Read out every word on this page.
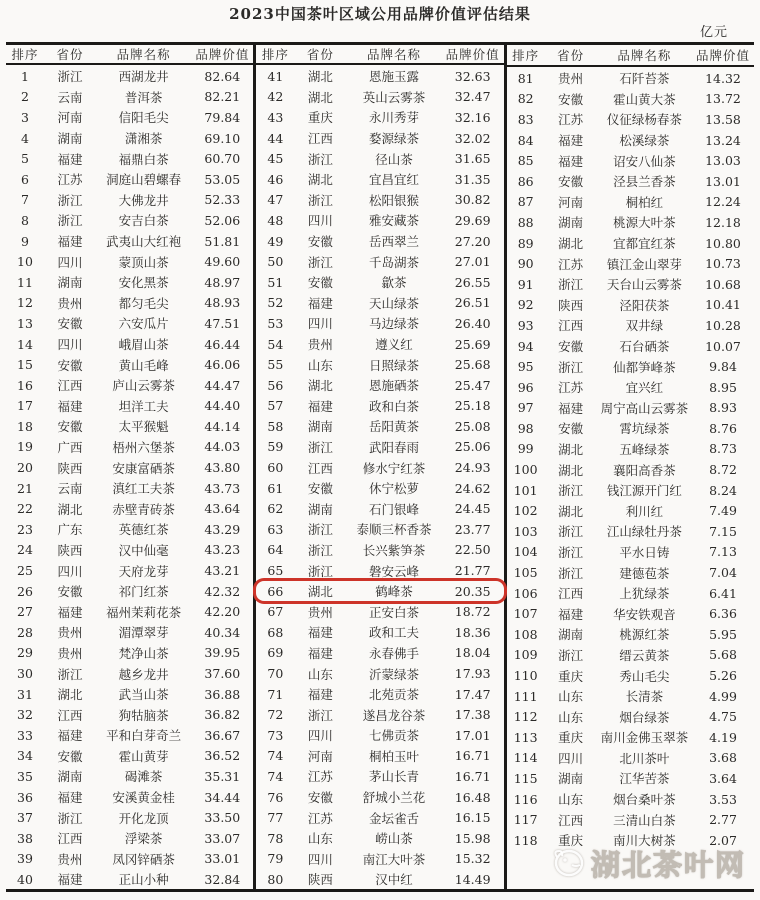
2023中国茶叶区域公用品牌价值评估结果
亿元
排序	省份	品牌名称	品牌价值
1	浙江	西湖龙井	82.64
2	云南	普洱茶	82.21
3	河南	信阳毛尖	79.84
4	湖南	潇湘茶	69.10
5	福建	福鼎白茶	60.70
6	江苏	洞庭山碧螺春	53.05
7	浙江	大佛龙井	52.33
8	浙江	安吉白茶	52.06
9	福建	武夷山大红袍	51.81
10	四川	蒙顶山茶	49.60
11	湖南	安化黑茶	48.97
12	贵州	都匀毛尖	48.93
13	安徽	六安瓜片	47.51
14	四川	峨眉山茶	46.44
15	安徽	黄山毛峰	46.06
16	江西	庐山云雾茶	44.47
17	福建	坦洋工夫	44.40
18	安徽	太平猴魁	44.14
19	广西	梧州六堡茶	44.03
20	陕西	安康富硒茶	43.80
21	云南	滇红工夫茶	43.73
22	湖北	赤壁青砖茶	43.64
23	广东	英德红茶	43.29
24	陕西	汉中仙毫	43.23
25	四川	天府龙芽	43.21
26	安徽	祁门红茶	42.32
27	福建	福州茉莉花茶	42.20
28	贵州	湄潭翠芽	40.34
29	贵州	梵净山茶	39.95
30	浙江	越乡龙井	37.60
31	湖北	武当山茶	36.88
32	江西	狗牯脑茶	36.82
33	福建	平和白芽奇兰	36.67
34	安徽	霍山黄芽	36.52
35	湖南	碣滩茶	35.31
36	福建	安溪黄金桂	34.44
37	浙江	开化龙顶	33.50
38	江西	浮梁茶	33.07
39	贵州	凤冈锌硒茶	33.01
40	福建	正山小种	32.84
排序	省份	品牌名称	品牌价值
41	湖北	恩施玉露	32.63
42	湖北	英山云雾茶	32.47
43	重庆	永川秀芽	32.16
44	江西	婺源绿茶	32.02
45	浙江	径山茶	31.65
46	湖北	宜昌宜红	31.35
47	浙江	松阳银猴	30.82
48	四川	雅安藏茶	29.69
49	安徽	岳西翠兰	27.20
50	浙江	千岛湖茶	27.01
51	安徽	歙茶	26.55
52	福建	天山绿茶	26.51
53	四川	马边绿茶	26.40
54	贵州	遵义红	25.69
55	山东	日照绿茶	25.68
56	湖北	恩施硒茶	25.47
57	福建	政和白茶	25.18
58	湖南	岳阳黄茶	25.08
59	浙江	武阳春雨	25.06
60	江西	修水宁红茶	24.93
61	安徽	休宁松萝	24.62
62	湖南	石门银峰	24.45
63	浙江	泰顺三杯香茶	23.77
64	浙江	长兴紫笋茶	22.50
65	浙江	磐安云峰	21.77
66	湖北	鹤峰茶	20.35
67	贵州	正安白茶	18.72
68	福建	政和工夫	18.36
69	福建	永春佛手	18.04
70	山东	沂蒙绿茶	17.93
71	福建	北苑贡茶	17.47
72	浙江	遂昌龙谷茶	17.38
73	四川	七佛贡茶	17.01
74	河南	桐柏玉叶	16.71
74	江苏	茅山长青	16.71
76	安徽	舒城小兰花	16.48
77	江苏	金坛雀舌	16.15
78	山东	崂山茶	15.98
79	四川	南江大叶茶	15.32
80	陕西	汉中红	14.49
排序	省份	品牌名称	品牌价值
81	贵州	石阡苔茶	14.32
82	安徽	霍山黄大茶	13.72
83	江苏	仪征绿杨春茶	13.58
84	福建	松溪绿茶	13.24
85	福建	诏安八仙茶	13.03
86	安徽	泾县兰香茶	13.01
87	河南	桐柏红	12.24
88	湖南	桃源大叶茶	12.18
89	湖北	宜都宜红茶	10.80
90	江苏	镇江金山翠芽	10.73
91	浙江	天台山云雾茶	10.68
92	陕西	泾阳茯茶	10.41
93	江西	双井绿	10.28
94	安徽	石台硒茶	10.07
95	浙江	仙都笋峰茶	9.84
96	江苏	宜兴红	8.95
97	福建	周宁高山云雾茶	8.93
98	安徽	霄坑绿茶	8.76
99	湖北	五峰绿茶	8.73
100	湖北	襄阳高香茶	8.72
101	浙江	钱江源开门红	8.24
102	湖北	利川红	7.49
103	浙江	江山绿牡丹茶	7.15
104	浙江	平水日铸	7.13
105	浙江	建德苞茶	7.04
106	江西	上犹绿茶	6.41
107	福建	华安铁观音	6.36
108	湖南	桃源红茶	5.95
109	浙江	缙云黄茶	5.68
110	重庆	秀山毛尖	5.26
111	山东	长清茶	4.99
112	山东	烟台绿茶	4.75
113	重庆	南川金佛玉翠茶	4.19
114	四川	北川茶叶	3.68
115	湖南	江华苦茶	3.64
116	山东	烟台桑叶茶	3.53
117	江西	三清山白茶	2.77
118	重庆	南川大树茶	2.07
湖北茶叶网
